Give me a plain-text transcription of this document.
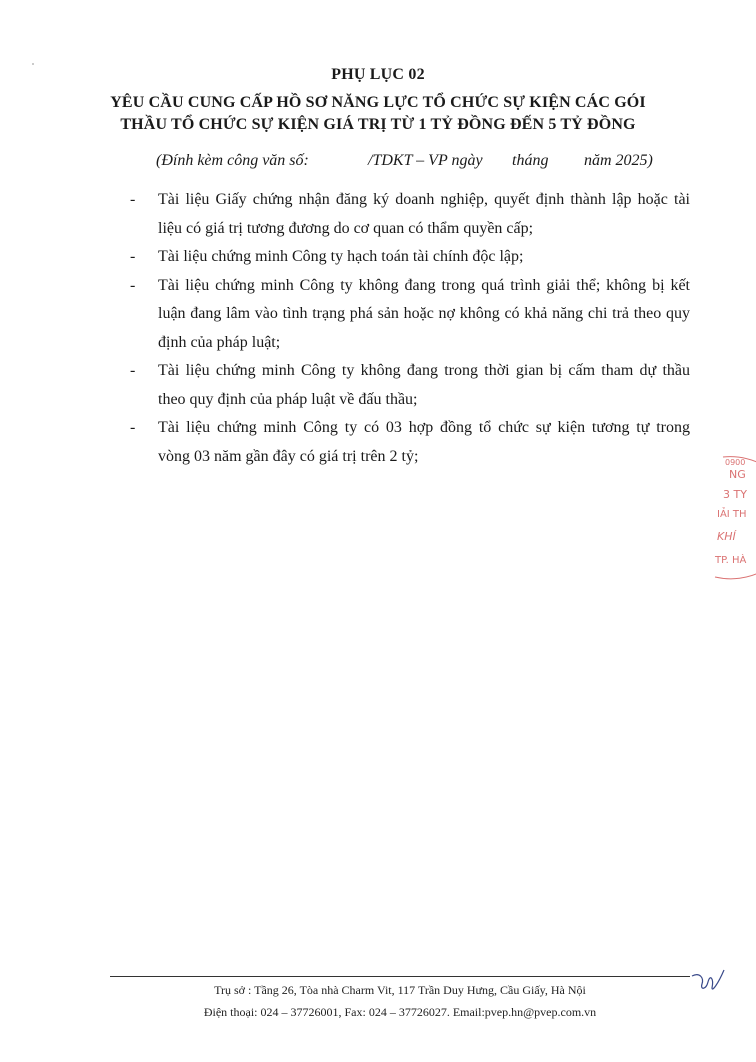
PHỤ LỤC 02
YÊU CẦU CUNG CẤP HỒ SƠ NĂNG LỰC TỔ CHỨC SỰ KIỆN CÁC GÓI
THẦU TỔ CHỨC SỰ KIỆN GIÁ TRỊ TỪ 1 TỶ ĐỒNG ĐẾN 5 TỶ ĐỒNG
(Đính kèm công văn số:	/TDKT – VP ngày tháng năm 2025)
- Tài liệu Giấy chứng nhận đăng ký doanh nghiệp, quyết định thành lập hoặc tài
liệu có giá trị tương đương do cơ quan có thẩm quyền cấp;
- Tài liệu chứng minh Công ty hạch toán tài chính độc lập;
- Tài liệu chứng minh Công ty không đang trong quá trình giải thể; không bị kết
luận đang lâm vào tình trạng phá sản hoặc nợ không có khả năng chi trả theo quy định của pháp luật;
- Tài liệu chứng minh Công ty không đang trong thời gian bị cấm tham dự thầu
theo quy định của pháp luật về đấu thầu;
- Tài liệu chứng minh Công ty có 03 hợp đồng tổ chức sự kiện tương tự trong
vòng 03 năm gần đây có giá trị trên 2 tỷ;	0900
NG
3 TY
IẢI TH
KHÍ
TP. HÀ
Trụ sở : Tầng 26, Tòa nhà Charm Vit, 117 Trần Duy Hưng, Cầu Giấy, Hà Nội
Điện thoại: 024 – 37726001, Fax: 024 – 37726027. Email:pvep.hn@pvep.com.vn
